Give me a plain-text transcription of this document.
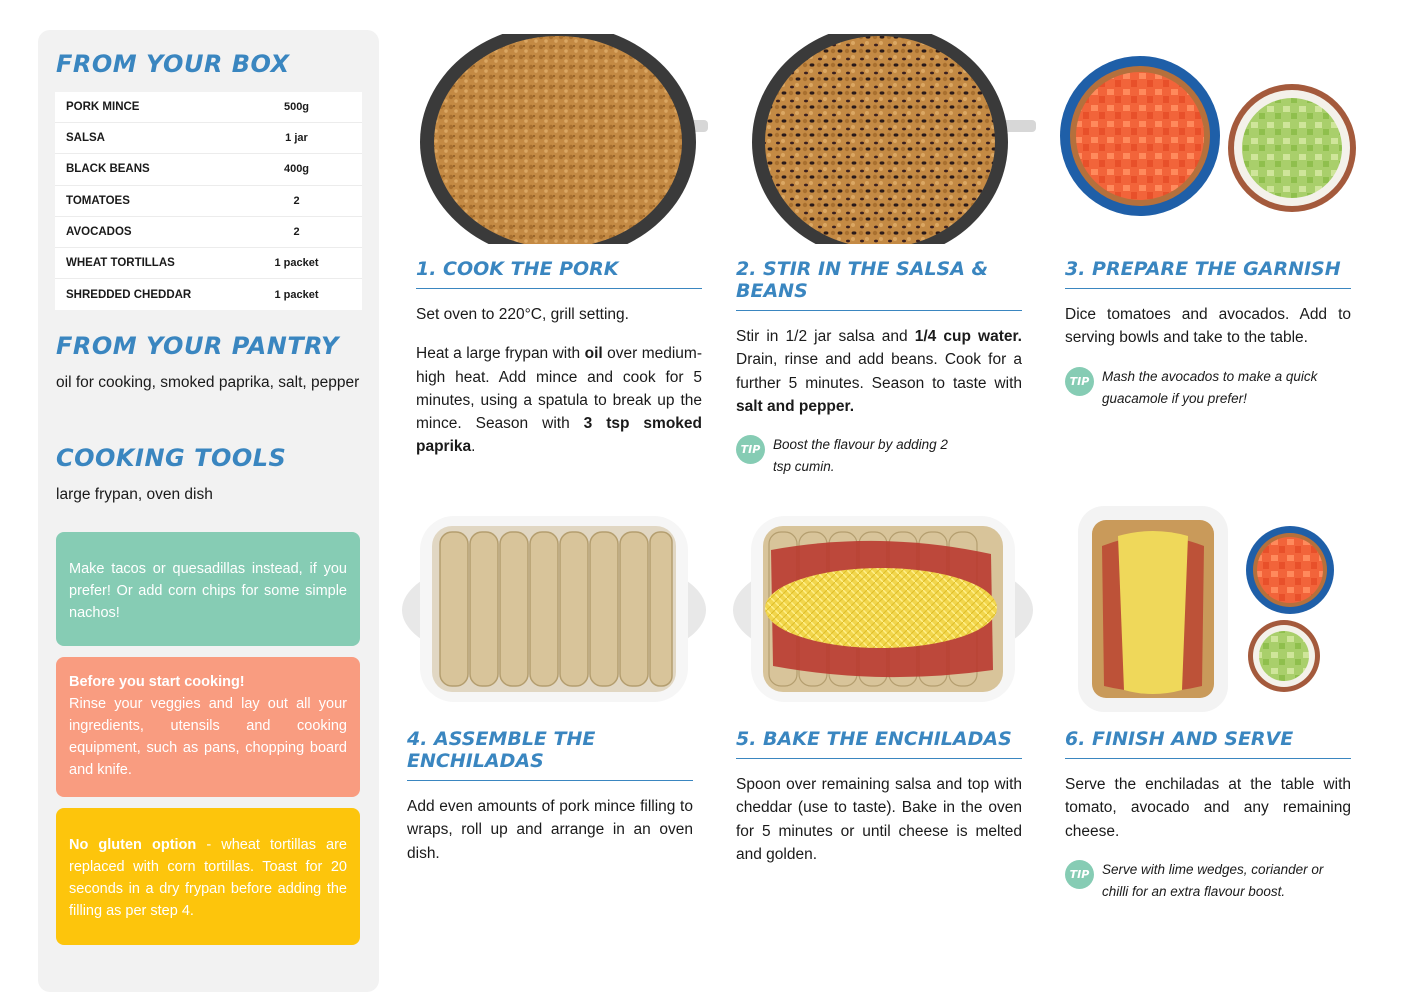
FROM YOUR BOX
PORK MINCE	500g
SALSA	1 jar
BLACK BEANS	400g
TOMATOES	2
AVOCADOS	2
WHEAT TORTILLAS	1 packet
SHREDDED CHEDDAR	1 packet
FROM YOUR PANTRY
oil for cooking, smoked paprika, salt, pepper
COOKING TOOLS
large frypan, oven dish
Make tacos or quesadillas instead, if you prefer! Or add corn chips for some simple nachos!
Before you start cooking!
Rinse your veggies and lay out all your ingredients, utensils and cooking equipment, such as pans, chopping board and knife.
No gluten option - wheat tortillas are replaced with corn tortillas. Toast for 20 seconds in a dry frypan before adding the filling as per step 4.
1. COOK THE PORK

Set oven to 220°C, grill setting.

Heat a large frypan with oil over medium-high heat. Add mince and cook for 5 minutes, using a spatula to break up the mince. Season with 3 tsp smoked paprika.

2. STIR IN THE SALSA & BEANS

Stir in 1/2 jar salsa and 1/4 cup water. Drain, rinse and add beans. Cook for a further 5 minutes. Season to taste with salt and pepper.

TIP Boost the flavour by adding 2 tsp cumin.
3. PREPARE THE GARNISH

Dice tomatoes and avocados. Add to serving bowls and take to the table.

TIP Mash the avocados to make a quick guacamole if you prefer!
4. ASSEMBLE THE ENCHILADAS

Add even amounts of pork mince filling to wraps, roll up and arrange in an oven dish.

5. BAKE THE ENCHILADAS

Spoon over remaining salsa and top with cheddar (use to taste). Bake in the oven for 5 minutes or until cheese is melted and golden.

6. FINISH AND SERVE

Serve the enchiladas at the table with tomato, avocado and any remaining cheese.

TIP Serve with lime wedges, coriander or chilli for an extra flavour boost.
